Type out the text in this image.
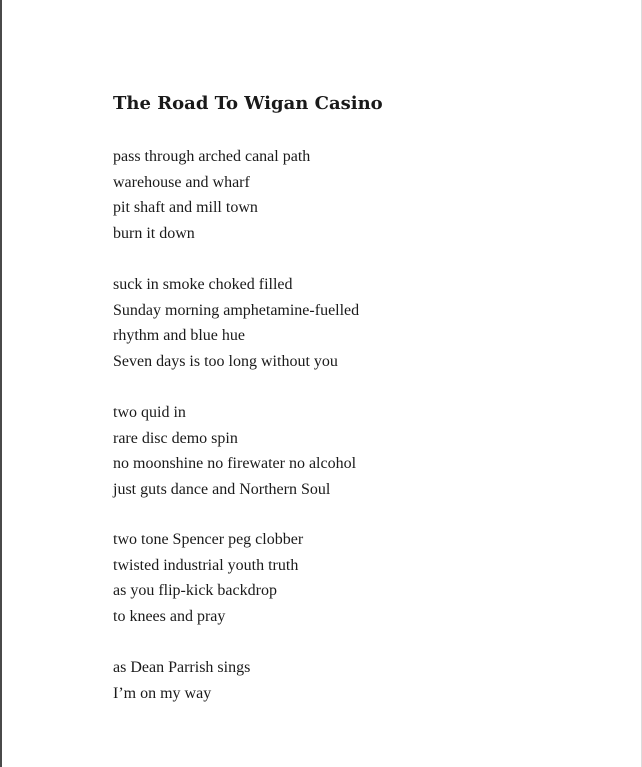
The Road To Wigan Casino

pass through arched canal path
warehouse and wharf
pit shaft and mill town
burn it down

suck in smoke choked filled
Sunday morning amphetamine-fuelled
rhythm and blue hue
Seven days is too long without you

two quid in
rare disc demo spin
no moonshine no firewater no alcohol
just guts dance and Northern Soul

two tone Spencer peg clobber
twisted industrial youth truth
as you flip-kick backdrop
to knees and pray

as Dean Parrish sings
I’m on my way
